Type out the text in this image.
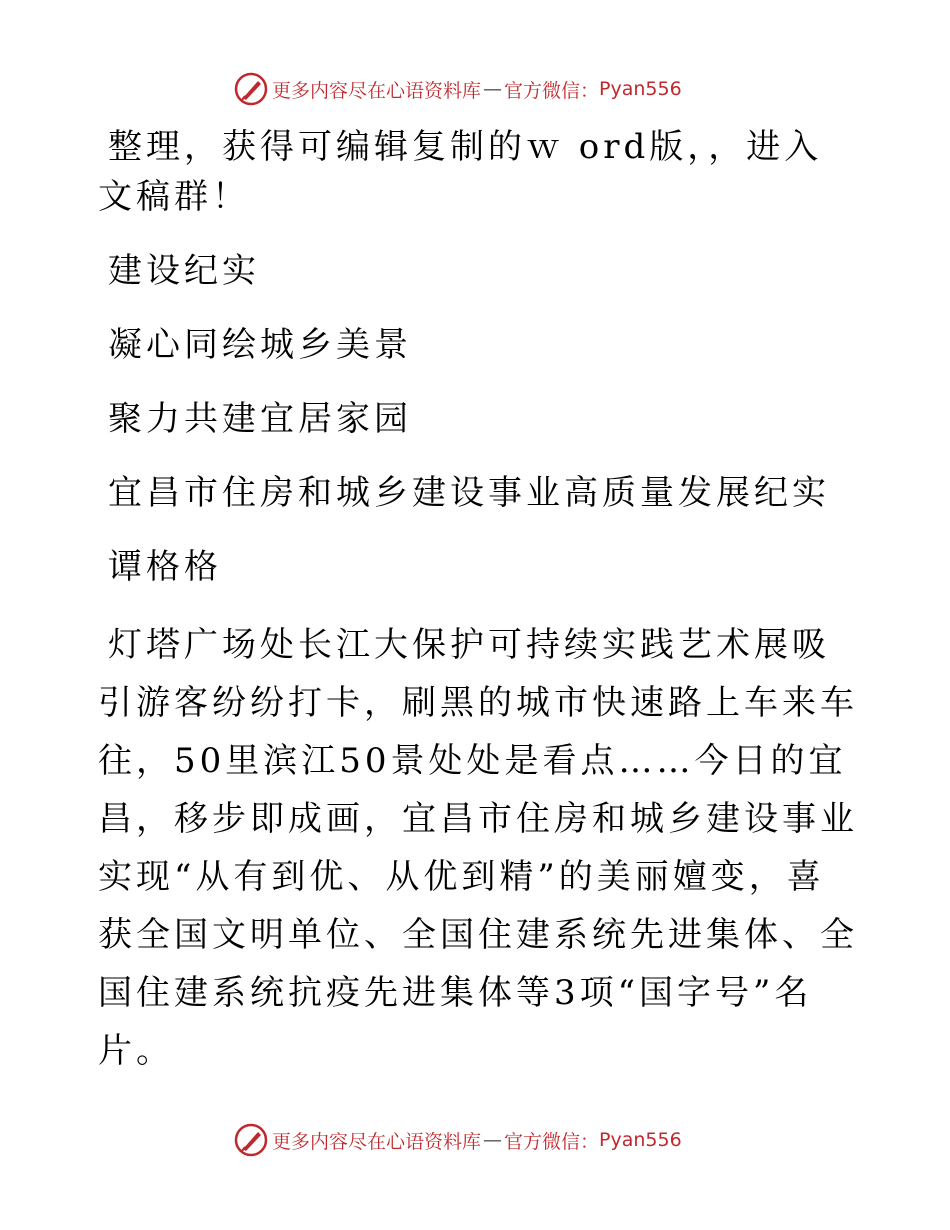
更多内容尽在心语资料库 — 官方微信： Pyan556

整理，获得可编辑复制的ｗ ord版，，进入文稿群！

建设纪实

凝心同绘城乡美景

聚力共建宜居家园

宜昌市住房和城乡建设事业高质量发展纪实

谭格格

灯塔广场处长江大保护可持续实践艺术展吸引游客纷纷打卡，刷黑的城市快速路上车来车往，50里滨江50景处处是看点……今日的宜昌，移步即成画，宜昌市住房和城乡建设事业实现“从有到优、从优到精”的美丽嬗变，喜获全国文明单位、全国住建系统先进集体、全国住建系统抗疫先进集体等3项“国字号”名片。

更多内容尽在心语资料库 — 官方微信： Pyan556
